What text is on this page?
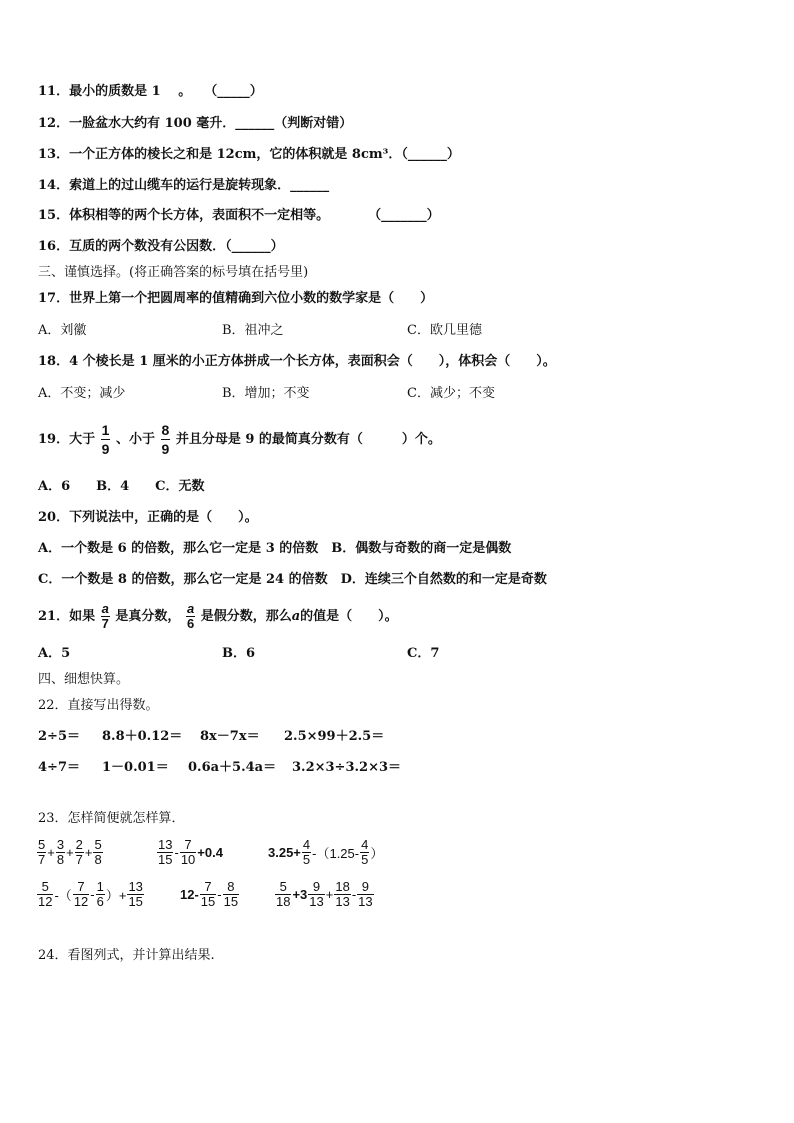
11．最小的质数是 1 　。　　（_____）
12．一脸盆水大约有 100 毫升．______（判断对错）
13．一个正方体的棱长之和是 12cm，它的体积就是 8cm³．（______）
14．索道上的过山缆车的运行是旋转现象．______
15．体积相等的两个长方体，表面积不一定相等。　　　　（_______）
16．互质的两个数没有公因数．（______）
三、谨慎选择。(将正确答案的标号填在括号里)
17．世界上第一个把圆周率的值精确到六位小数的数学家是（　　）
A．刘徽	B．祖冲之	C．欧几里德
18．4 个棱长是 1 厘米的小正方体拼成一个长方体，表面积会（　　），体积会（　　）。
A．不变；减少	B．增加；不变	C．减少；不变
19．大于 $\frac{1}{9}$ 、小于 $\frac{8}{9}$ 并且分母是 9 的最简真分数有（　　　）个。
A．6　　B．4　　C．无数
20．下列说法中，正确的是（　　）。
A．一个数是 6 的倍数，那么它一定是 3 的倍数　B．偶数与奇数的商一定是偶数
C．一个数是 8 的倍数，那么它一定是 24 的倍数　D．连续三个自然数的和一定是奇数
21．如果 $\frac{a}{7}$ 是真分数， $\frac{a}{6}$ 是假分数，那么a的值是（　　）。
A．5	B．6	C．7
四、细想快算。
22．直接写出得数。
2÷5＝ 8.8＋0.12＝ 8x－7x＝ 2.5×99＋2.5＝
4÷7＝ 1－0.01＝ 0.6a＋5.4a＝ 3.2×3÷3.2×3＝
23．怎样简便就怎样算．
$\frac{5}{7} + \frac{3}{8} + \frac{2}{7} + \frac{5}{8}$	$\frac{13}{15} - \frac{7}{10} +0.4$	$3.25+ \frac{4}{5} -(1.25- \frac{4}{5}$ ）
$\frac{5}{12}$ -（ $\frac{7}{12} - \frac{1}{6}$ ）+ $\frac{13}{15}$	$12- \frac{7}{15} - \frac{8}{15}$	$\frac{5}{18} +3 \frac{9}{13} + \frac{18}{13} - \frac{9}{13}$
24．看图列式，并计算出结果.
